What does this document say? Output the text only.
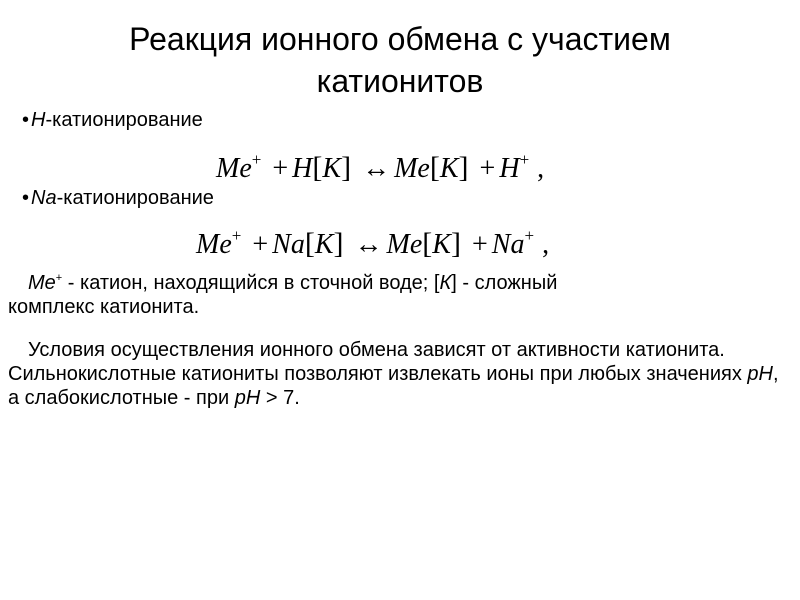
Реакция ионного обмена с участием
катионитов
• H-катионирование
Me+ + H[K] ↔ Me[K] + H+ ,
• Na-катионирование
Me+ + Na[K] ↔ Me[K] + Na+ ,
Me+ - катион, находящийся в сточной воде; [К] - сложный
комплекс катионита.
Условия осуществления ионного обмена зависят от активности катионита. Сильнокислотные катиониты позволяют извлекать ионы при любых значениях pH, а слабокислотные - при pH > 7.
